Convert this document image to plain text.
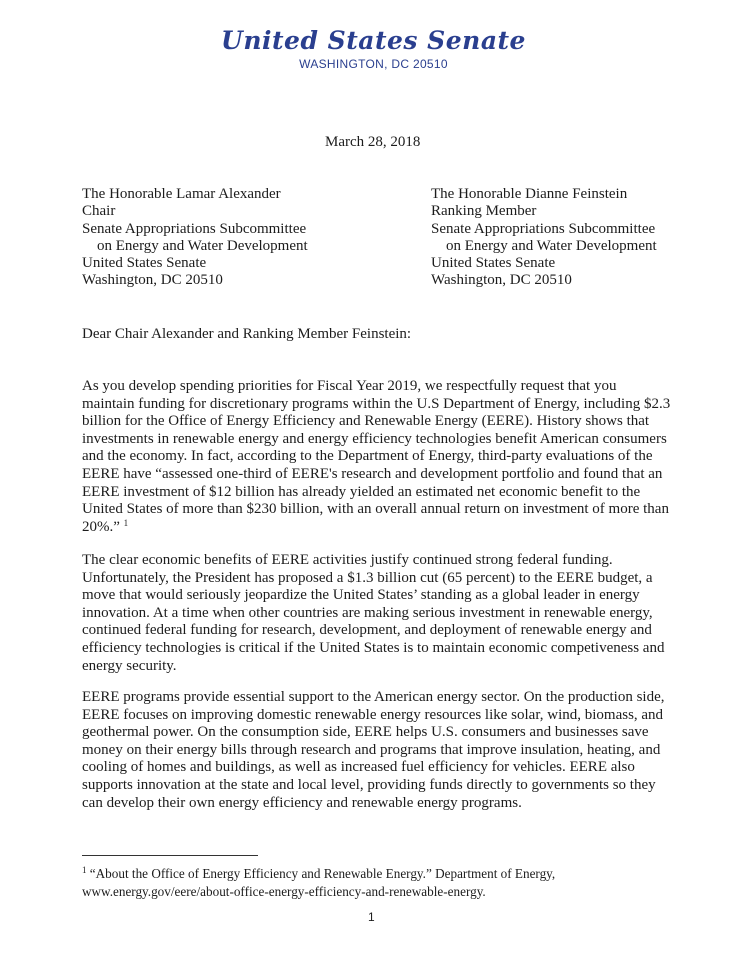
United States Senate
WASHINGTON, DC 20510
March 28, 2018
The Honorable Lamar Alexander
Chair
Senate Appropriations Subcommittee
on Energy and Water Development
United States Senate
Washington, DC 20510
The Honorable Dianne Feinstein
Ranking Member
Senate Appropriations Subcommittee
on Energy and Water Development
United States Senate
Washington, DC 20510
Dear Chair Alexander and Ranking Member Feinstein:

As you develop spending priorities for Fiscal Year 2019, we respectfully request that you maintain funding for discretionary programs within the U.S Department of Energy, including $2.3 billion for the Office of Energy Efficiency and Renewable Energy (EERE). History shows that investments in renewable energy and energy efficiency technologies benefit American consumers and the economy. In fact, according to the Department of Energy, third-party evaluations of the EERE have “assessed one-third of EERE's research and development portfolio and found that an EERE investment of $12 billion has already yielded an estimated net economic benefit to the United States of more than $230 billion, with an overall annual return on investment of more than 20%.” $^1$

The clear economic benefits of EERE activities justify continued strong federal funding. Unfortunately, the President has proposed a $1.3 billion cut (65 percent) to the EERE budget, a move that would seriously jeopardize the United States’ standing as a global leader in energy innovation. At a time when other countries are making serious investment in renewable energy, continued federal funding for research, development, and deployment of renewable energy and efficiency technologies is critical if the United States is to maintain economic competiveness and energy security.

EERE programs provide essential support to the American energy sector. On the production side, EERE focuses on improving domestic renewable energy resources like solar, wind, biomass, and geothermal power. On the consumption side, EERE helps U.S. consumers and businesses save money on their energy bills through research and programs that improve insulation, heating, and cooling of homes and buildings, as well as increased fuel efficiency for vehicles. EERE also supports innovation at the state and local level, providing funds directly to governments so they can develop their own energy efficiency and renewable energy programs.

$^1$ “About the Office of Energy Efficiency and Renewable Energy.” Department of Energy, www.energy.gov/eere/about-office-energy-efficiency-and-renewable-energy.
1
